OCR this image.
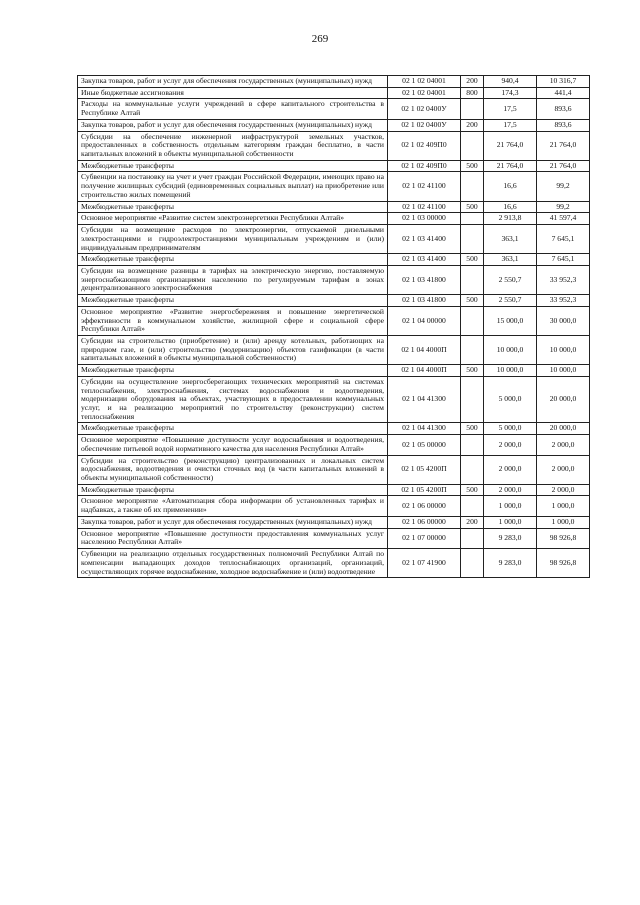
269
Закупка товаров, работ и услуг для обеспечения государственных (муниципальных) нужд	02 1 02 04001	200	940,4	10 316,7
Иные бюджетные ассигнования	02 1 02 04001	800	174,3	441,4
Расходы на коммунальные услуги учреждений в сфере капитального строительства в Республике Алтай	02 1 02 0400У		17,5	893,6
Закупка товаров, работ и услуг для обеспечения государственных (муниципальных) нужд	02 1 02 0400У	200	17,5	893,6
Субсидии на обеспечение инженерной инфраструктурой земельных участков, предоставленных в собственность отдельным категориям граждан бесплатно, в части капитальных вложений в объекты муниципальной собственности	02 1 02 409П0		21 764,0	21 764,0
Межбюджетные трансферты	02 1 02 409П0	500	21 764,0	21 764,0
Субвенции на постановку на учет и учет граждан Российской Федерации, имеющих право на получение жилищных субсидий (единовременных социальных выплат) на приобретение или строительство жилых помещений	02 1 02 41100		16,6	99,2
Межбюджетные трансферты	02 1 02 41100	500	16,6	99,2
Основное мероприятие «Развитие систем электроэнергетики Республики Алтай»	02 1 03 00000		2 913,8	41 597,4
Субсидии на возмещение расходов по электроэнергии, отпускаемой дизельными электростанциями и гидроэлектростанциями муниципальным учреждениям и (или) индивидуальным предпринимателям	02 1 03 41400		363,1	7 645,1
Межбюджетные трансферты	02 1 03 41400	500	363,1	7 645,1
Субсидии на возмещение разницы в тарифах на электрическую энергию, поставляемую энергоснабжающими организациями населению по регулируемым тарифам в зонах децентрализованного электроснабжения	02 1 03 41800		2 550,7	33 952,3
Межбюджетные трансферты	02 1 03 41800	500	2 550,7	33 952,3
Основное мероприятие «Развитие энергосбережения и повышение энергетической эффективности в коммунальном хозяйстве, жилищной сфере и социальной сфере Республики Алтай»	02 1 04 00000		15 000,0	30 000,0
Субсидии на строительство (приобретение) и (или) аренду котельных, работающих на природном газе, и (или) строительство (модернизацию) объектов газификации (в части капитальных вложений в объекты муниципальной собственности)	02 1 04 4000П		10 000,0	10 000,0
Межбюджетные трансферты	02 1 04 4000П	500	10 000,0	10 000,0
Субсидии на осуществление энергосберегающих технических мероприятий на системах теплоснабжения, электроснабжения, системах водоснабжения и водоотведения, модернизации оборудования на объектах, участвующих в предоставлении коммунальных услуг, и на реализацию мероприятий по строительству (реконструкции) систем теплоснабжения	02 1 04 41300		5 000,0	20 000,0
Межбюджетные трансферты	02 1 04 41300	500	5 000,0	20 000,0
Основное мероприятие «Повышение доступности услуг водоснабжения и водоотведения, обеспечение питьевой водой нормативного качества для населения Республики Алтай»	02 1 05 00000		2 000,0	2 000,0
Субсидии на строительство (реконструкцию) централизованных и локальных систем водоснабжения, водоотведения и очистки сточных вод (в части капитальных вложений в объекты муниципальной собственности)	02 1 05 4200П		2 000,0	2 000,0
Межбюджетные трансферты	02 1 05 4200П	500	2 000,0	2 000,0
Основное мероприятие «Автоматизация сбора информации об установленных тарифах и надбавках, а также об их применении»	02 1 06 00000		1 000,0	1 000,0
Закупка товаров, работ и услуг для обеспечения государственных (муниципальных) нужд	02 1 06 00000	200	1 000,0	1 000,0
Основное мероприятие «Повышение доступности предоставления коммунальных услуг населению Республики Алтай»	02 1 07 00000		9 283,0	98 926,8
Субвенции на реализацию отдельных государственных полномочий Республики Алтай по компенсации выпадающих доходов теплоснабжающих организаций, организаций, осуществляющих горячее водоснабжение, холодное водоснабжение и (или) водоотведение	02 1 07 41900		9 283,0	98 926,8
